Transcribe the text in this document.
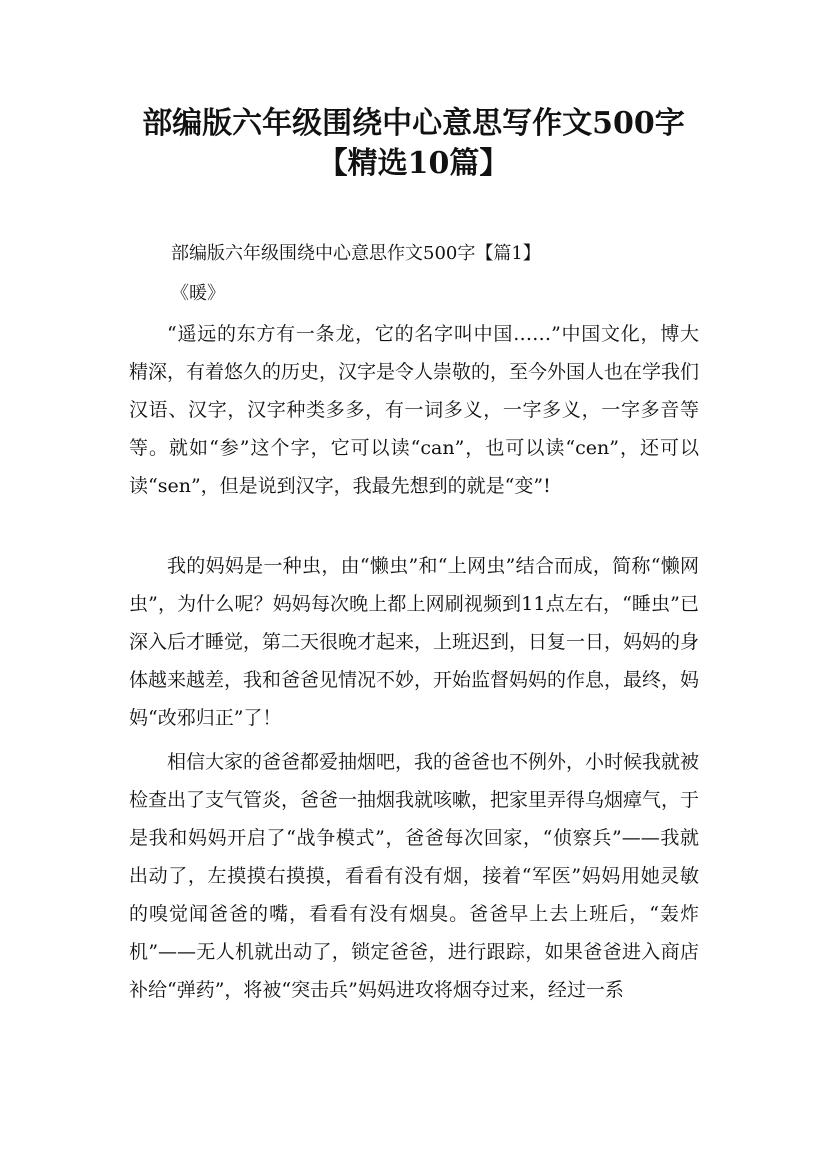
部编版六年级围绕中心意思写作文500字
【精选10篇】
部编版六年级围绕中心意思作文500字【篇1】
《暖》

“遥远的东方有一条龙，它的名字叫中国……”中国文化，博大精深，有着悠久的历史，汉字是令人崇敬的，至今外国人也在学我们汉语、汉字，汉字种类多多，有一词多义，一字多义，一字多音等等。就如“参”这个字，它可以读“can”，也可以读“cen”，还可以读“sen”，但是说到汉字，我最先想到的就是“变”!

我的妈妈是一种虫，由“懒虫”和“上网虫”结合而成，简称“懒网虫”，为什么呢？妈妈每次晚上都上网刷视频到11点左右，“睡虫”已深入后才睡觉，第二天很晚才起来，上班迟到，日复一日，妈妈的身体越来越差，我和爸爸见情况不妙，开始监督妈妈的作息，最终，妈妈“改邪归正”了！

相信大家的爸爸都爱抽烟吧，我的爸爸也不例外，小时候我就被检查出了支气管炎，爸爸一抽烟我就咳嗽，把家里弄得乌烟瘴气，于是我和妈妈开启了“战争模式”，爸爸每次回家，“侦察兵”——我就出动了，左摸摸右摸摸，看看有没有烟，接着“军医”妈妈用她灵敏的嗅觉闻爸爸的嘴，看看有没有烟臭。爸爸早上去上班后，“轰炸机”——无人机就出动了，锁定爸爸，进行跟踪，如果爸爸进入商店补给“弹药”，将被“突击兵”妈妈进攻将烟夺过来，经过一系
